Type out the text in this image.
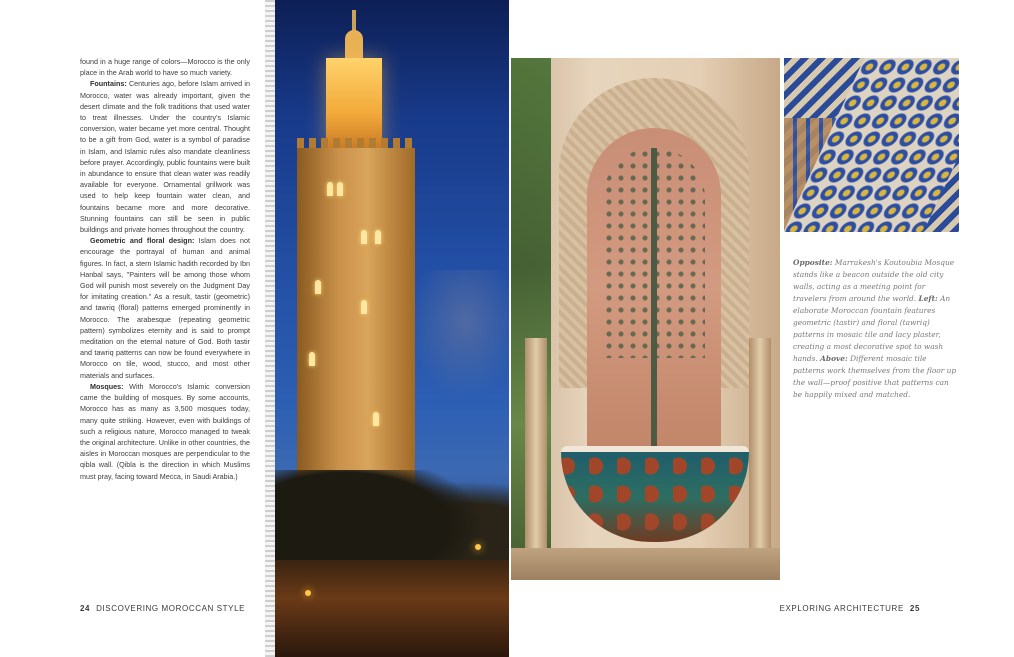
found in a huge range of colors—Morocco is the only place in the Arab world to have so much variety.

Fountains: Centuries ago, before Islam arrived in Morocco, water was already important, given the desert climate and the folk traditions that used water to treat illnesses. Under the country's Islamic conversion, water became yet more central. Thought to be a gift from God, water is a symbol of paradise in Islam, and Islamic rules also mandate cleanliness before prayer. Accordingly, public fountains were built in abundance to ensure that clean water was readily available for everyone. Ornamental grillwork was used to help keep fountain water clean, and fountains became more and more decorative. Stunning fountains can still be seen in public buildings and private homes throughout the country.

Geometric and floral design: Islam does not encourage the portrayal of human and animal figures. In fact, a stern Islamic hadith recorded by Ibn Hanbal says, "Painters will be among those whom God will punish most severely on the Judgment Day for imitating creation." As a result, tastir (geometric) and tawriq (floral) patterns emerged prominently in Morocco. The arabesque (repeating geometric pattern) symbolizes eternity and is said to prompt meditation on the eternal nature of God. Both tastir and tawriq patterns can now be found everywhere in Morocco on tile, wood, stucco, and most other materials and surfaces.

Mosques: With Morocco's Islamic conversion came the building of mosques. By some accounts, Morocco has as many as 3,500 mosques today, many quite striking. However, even with buildings of such a religious nature, Morocco managed to tweak the original architecture. Unlike in other countries, the aisles in Moroccan mosques are perpendicular to the qibla wall. (Qibla is the direction in which Muslims must pray, facing toward Mecca, in Saudi Arabia.)

24 DISCOVERING MOROCCAN STYLE
Opposite: Marrakesh's Koutoubia Mosque stands like a beacon outside the old city walls, acting as a meeting point for travelers from around the world. Left: An elaborate Moroccan fountain features geometric (tastir) and floral (tawriq) patterns in mosaic tile and lacy plaster, creating a most decorative spot to wash hands. Above: Different mosaic tile patterns work themselves from the floor up the wall—proof positive that patterns can be happily mixed and matched.
EXPLORING ARCHITECTURE 25
